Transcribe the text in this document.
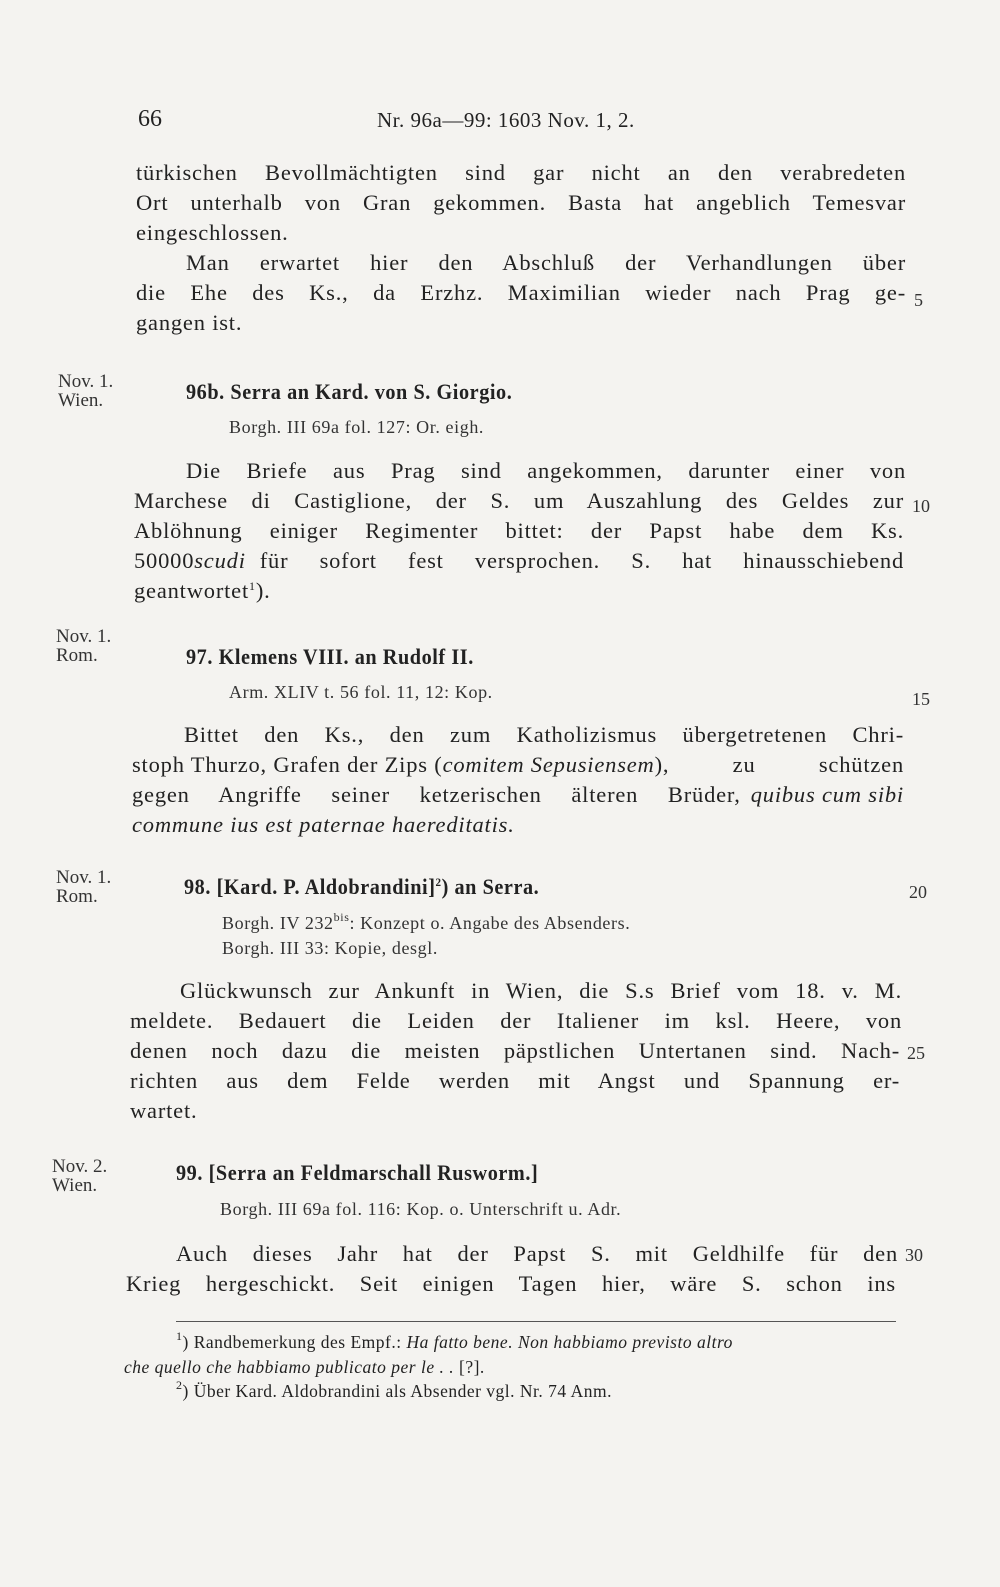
66	Nr. 96a—99: 1603 Nov. 1, 2.
türkischen Bevollmächtigten sind gar nicht an den verabredeten
Ort unterhalb von Gran gekommen. Basta hat angeblich Temesvar
eingeschlossen.
Man erwartet hier den Abschluß der Verhandlungen über
die Ehe des Ks., da Erzhz. Maximilian wieder nach Prag ge-
gangen ist.
5
10
15
20
25
30
Nov. 1.
Wien.	96b. Serra an Kard. von S. Giorgio.
Borgh. III 69a fol. 127: Or. eigh.
Die Briefe aus Prag sind angekommen, darunter einer von
Marchese di Castiglione, der S. um Auszahlung des Geldes zur
Ablöhnung einiger Regimenter bittet: der Papst habe dem Ks.
50000 scudi für sofort fest versprochen. S. hat hinausschiebend
geantwortet$^1$).
Nov. 1.
Rom.	97. Klemens VIII. an Rudolf II.
Arm. XLIV t. 56 fol. 11, 12: Kop.
Bittet den Ks., den zum Katholizismus übergetretenen Chri-
stoph Thurzo, Grafen der Zips ( comitem Sepusiensem ), zu schützen
gegen Angriffe seiner ketzerischen älteren Brüder, quibus cum sibi
commune ius est paternae haereditatis.
Nov. 1.
Rom.	98. [Kard. P. Aldobrandini]$^2$) an Serra.
Borgh. IV $232^{bis}$: Konzept o. Angabe des Absenders.
Borgh. III 33: Kopie, desgl.
Glückwunsch zur Ankunft in Wien, die S.s Brief vom 18. v. M.
meldete. Bedauert die Leiden der Italiener im ksl. Heere, von
denen noch dazu die meisten päpstlichen Untertanen sind. Nach-
richten aus dem Felde werden mit Angst und Spannung er-
wartet.
Nov. 2.
Wien.
99. [Serra an Feldmarschall Rusworm.]
Borgh. III 69a fol. 116: Kop. o. Unterschrift u. Adr.
Auch dieses Jahr hat der Papst S. mit Geldhilfe für den
Krieg hergeschickt. Seit einigen Tagen hier, wäre S. schon ins
$^1$) Randbemerkung des Empf.: Ha fatto bene. Non habbiamo previsto altro
che quello che habbiamo publicato per le . . [?].
$^2$) Über Kard. Aldobrandini als Absender vgl. Nr. 74 Anm.
